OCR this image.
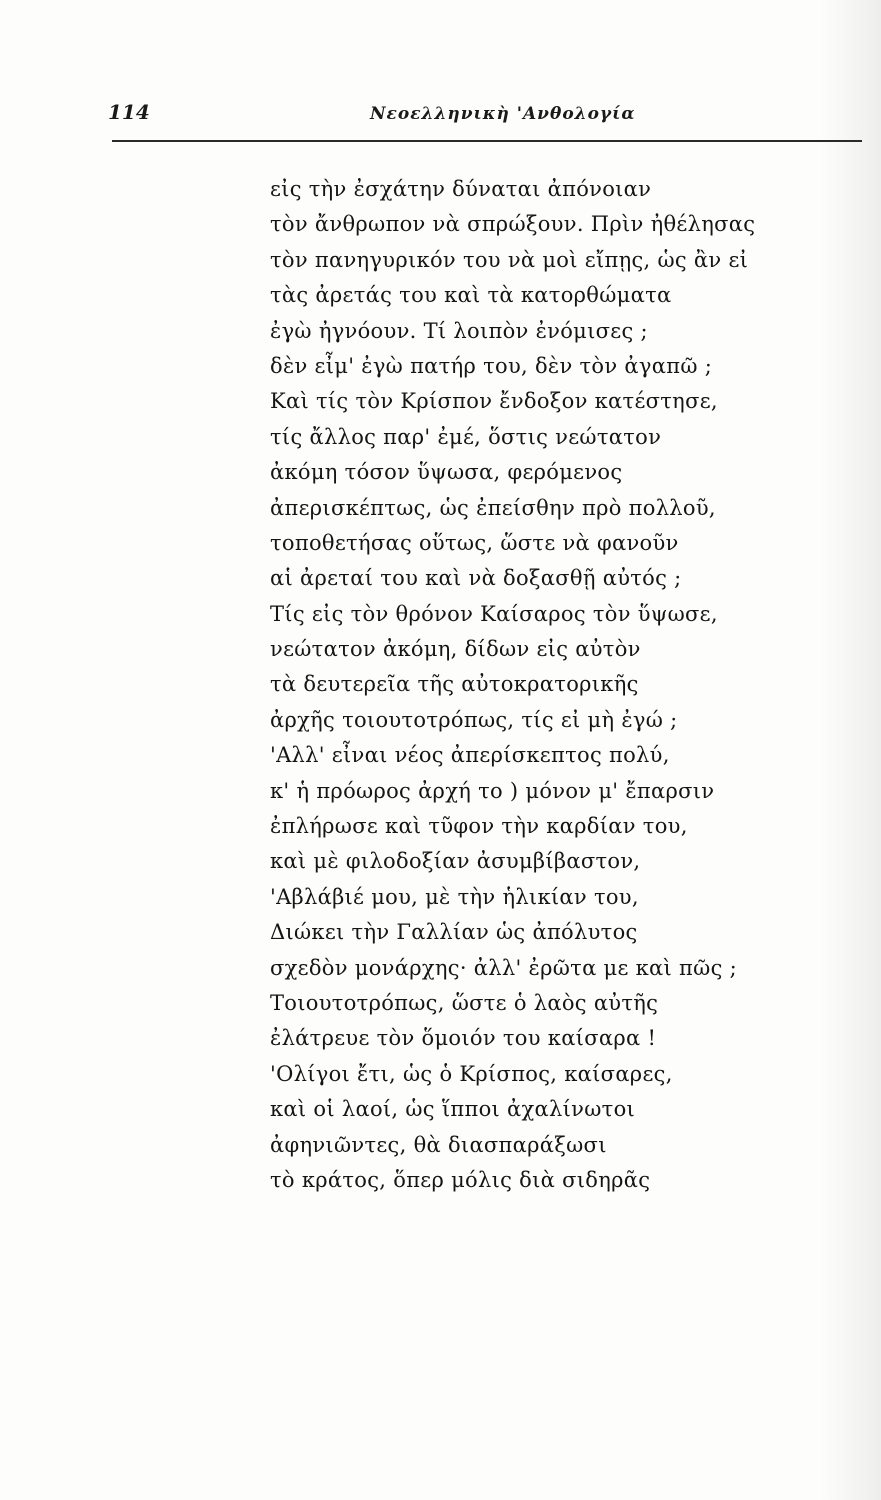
114	Νεοελληνικὴ 'Ανθολογία
εἰς τὴν ἐσχάτην δύναται ἀπόνοιαν
τὸν ἄνθρωπον νὰ σπρώξουν. Πρὶν ἠθέλησας
τὸν πανηγυρικόν του νὰ μοὶ εἴπῃς, ὡς ἂν εἰ
τὰς ἀρετάς του καὶ τὰ κατορθώματα
ἐγὼ ἠγνόουν. Τί λοιπὸν ἐνόμισες ;
δὲν εἶμ' ἐγὼ πατήρ του, δὲν τὸν ἀγαπῶ ;
Καὶ τίς τὸν Κρίσπον ἔνδοξον κατέστησε,
τίς ἄλλος παρ' ἐμέ, ὅστις νεώτατον
ἀκόμη τόσον ὕψωσα, φερόμενος
ἀπερισκέπτως, ὡς ἐπείσθην πρὸ πολλοῦ,
τοποθετήσας οὕτως, ὥστε νὰ φανοῦν
αἱ ἀρεταί του καὶ νὰ δοξασθῇ αὐτός ;
Τίς εἰς τὸν θρόνον Καίσαρος τὸν ὕψωσε,
νεώτατον ἀκόμη, δίδων εἰς αὐτὸν
τὰ δευτερεῖα τῆς αὐτοκρατορικῆς
ἀρχῆς τοιουτοτρόπως, τίς εἰ μὴ ἐγώ ;
'Αλλ' εἶναι νέος ἀπερίσκεπτος πολύ,
κ' ἡ πρόωρος ἀρχή το ) μόνον μ' ἔπαρσιν
ἐπλήρωσε καὶ τῦφον τὴν καρδίαν του,
καὶ μὲ φιλοδοξίαν ἀσυμβίβαστον,
'Αβλάβιέ μου, μὲ τὴν ἡλικίαν του,
Διώκει τὴν Γαλλίαν ὡς ἀπόλυτος
σχεδὸν μονάρχης· ἀλλ' ἐρῶτα με καὶ πῶς ;
Τοιουτοτρόπως, ὥστε ὁ λαὸς αὐτῆς
ἐλάτρευε τὸν ὅμοιόν του καίσαρα !
'Ολίγοι ἔτι, ὡς ὁ Κρίσπος, καίσαρες,
καὶ οἱ λαοί, ὡς ἵπποι ἀχαλίνωτοι
ἀφηνιῶντες, θὰ διασπαράξωσι
τὸ κράτος, ὅπερ μόλις διὰ σιδηρᾶς
